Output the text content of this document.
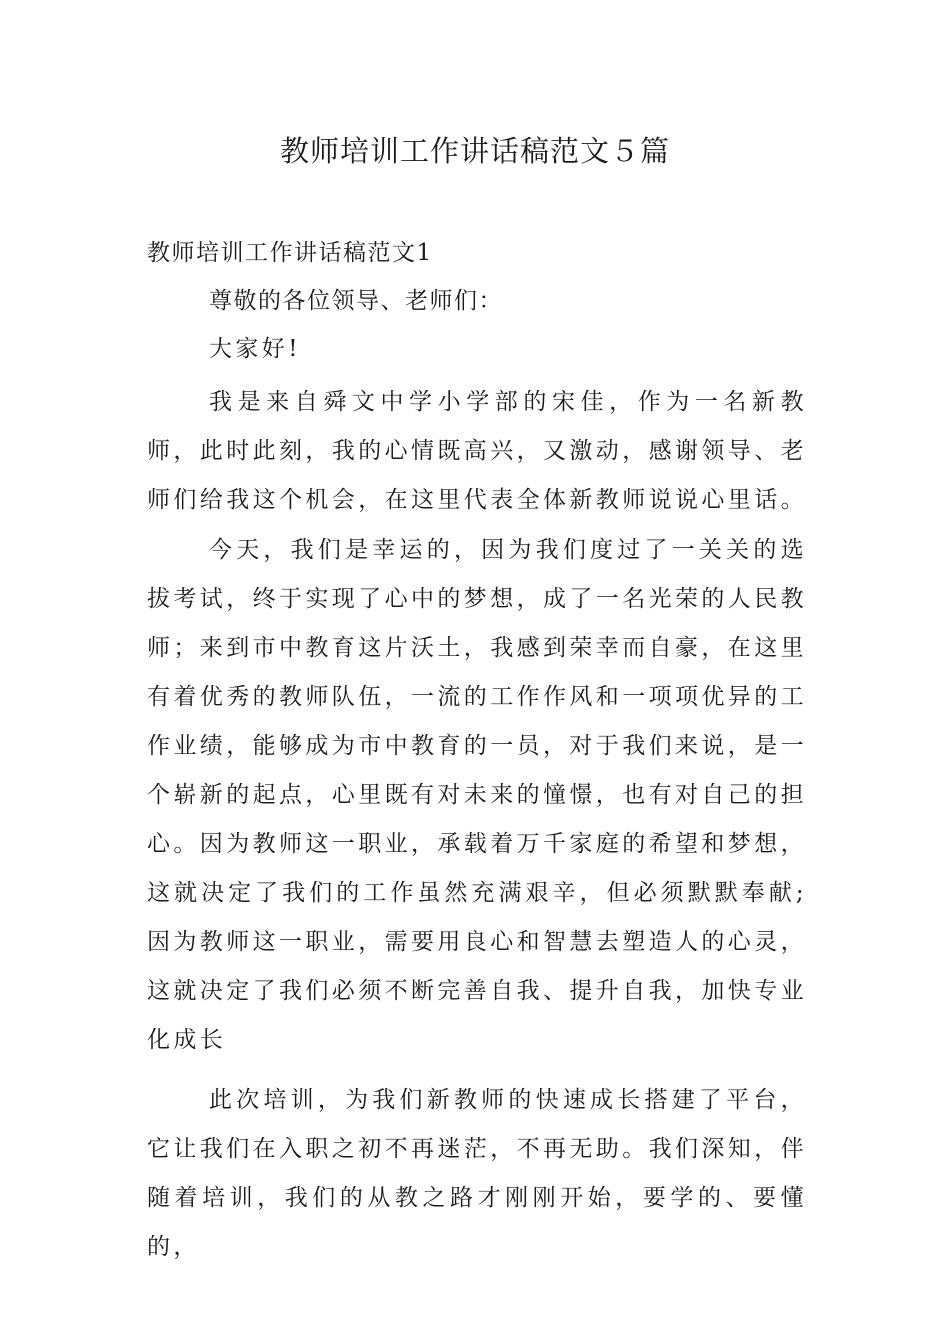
教师培训工作讲话稿范文５篇

教师培训工作讲话稿范文1

尊敬的各位领导、老师们：

大家好!

我是来自舜文中学小学部的宋佳，作为一名新教师，此时此刻，我的心情既高兴，又激动，感谢领导、老师们给我这个机会，在这里代表全体新教师说说心里话。

今天，我们是幸运的，因为我们度过了一关关的选拔考试，终于实现了心中的梦想，成了一名光荣的人民教师；来到市中教育这片沃土，我感到荣幸而自豪，在这里有着优秀的教师队伍，一流的工作作风和一项项优异的工作业绩，能够成为市中教育的一员，对于我们来说，是一个崭新的起点，心里既有对未来的憧憬，也有对自己的担心。因为教师这一职业，承载着万千家庭的希望和梦想，这就决定了我们的工作虽然充满艰辛，但必须默默奉献;因为教师这一职业，需要用良心和智慧去塑造人的心灵，这就决定了我们必须不断完善自我、提升自我，加快专业化成长

此次培训，为我们新教师的快速成长搭建了平台，它让我们在入职之初不再迷茫，不再无助。我们深知，伴随着培训，我们的从教之路才刚刚开始，要学的、要懂的，
